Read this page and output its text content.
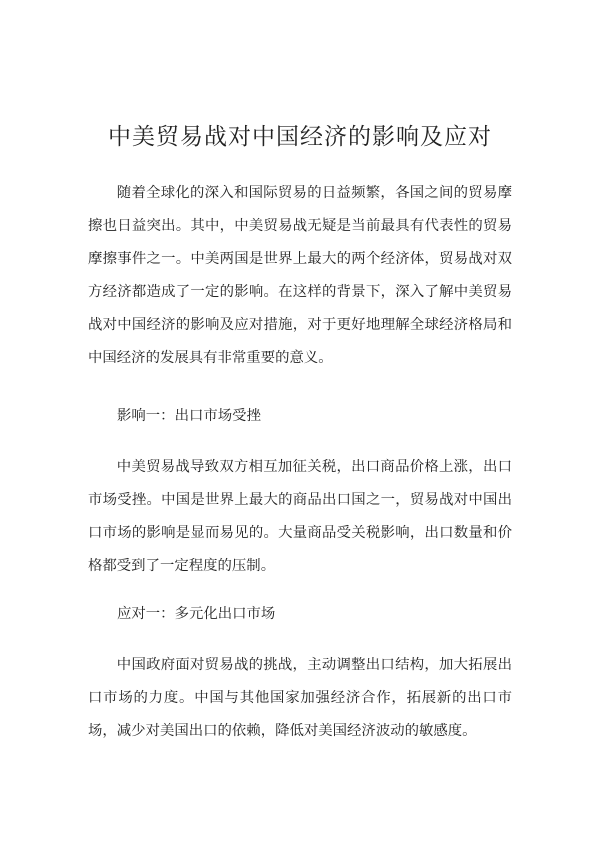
中美贸易战对中国经济的影响及应对

随着全球化的深入和国际贸易的日益频繁，各国之间的贸易摩擦也日益突出。其中，中美贸易战无疑是当前最具有代表性的贸易摩擦事件之一。中美两国是世界上最大的两个经济体，贸易战对双方经济都造成了一定的影响。在这样的背景下，深入了解中美贸易战对中国经济的影响及应对措施，对于更好地理解全球经济格局和中国经济的发展具有非常重要的意义。

影响一：出口市场受挫

中美贸易战导致双方相互加征关税，出口商品价格上涨，出口市场受挫。中国是世界上最大的商品出口国之一，贸易战对中国出口市场的影响是显而易见的。大量商品受关税影响，出口数量和价格都受到了一定程度的压制。

应对一：多元化出口市场

中国政府面对贸易战的挑战，主动调整出口结构，加大拓展出口市场的力度。中国与其他国家加强经济合作，拓展新的出口市场，减少对美国出口的依赖，降低对美国经济波动的敏感度。
